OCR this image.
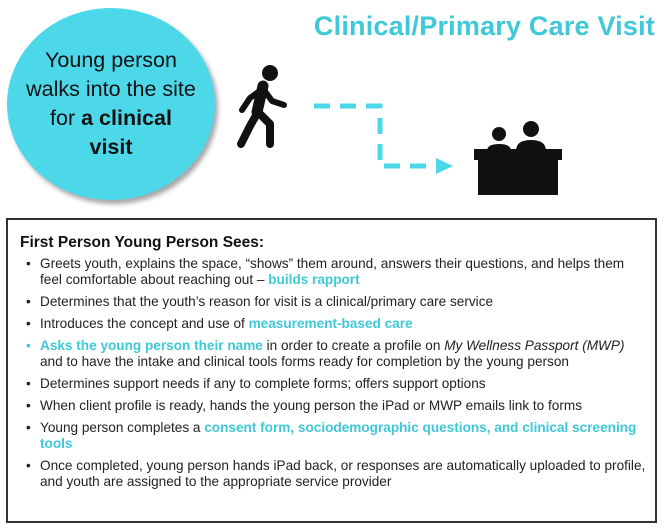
Clinical/Primary Care Visit
Young person walks into the site for a clinical visit
First Person Young Person Sees:
• Greets youth, explains the space, “shows” them around, answers their questions, and helps them feel comfortable about reaching out – builds rapport
• Determines that the youth’s reason for visit is a clinical/primary care service
• Introduces the concept and use of measurement-based care
• Asks the young person their name in order to create a profile on My Wellness Passport (MWP) and to have the intake and clinical tools forms ready for completion by the young person
• Determines support needs if any to complete forms; offers support options
• When client profile is ready, hands the young person the iPad or MWP emails link to forms
• Young person completes a consent form, sociodemographic questions, and clinical screening tools
• Once completed, young person hands iPad back, or responses are automatically uploaded to profile, and youth are assigned to the appropriate service provider
